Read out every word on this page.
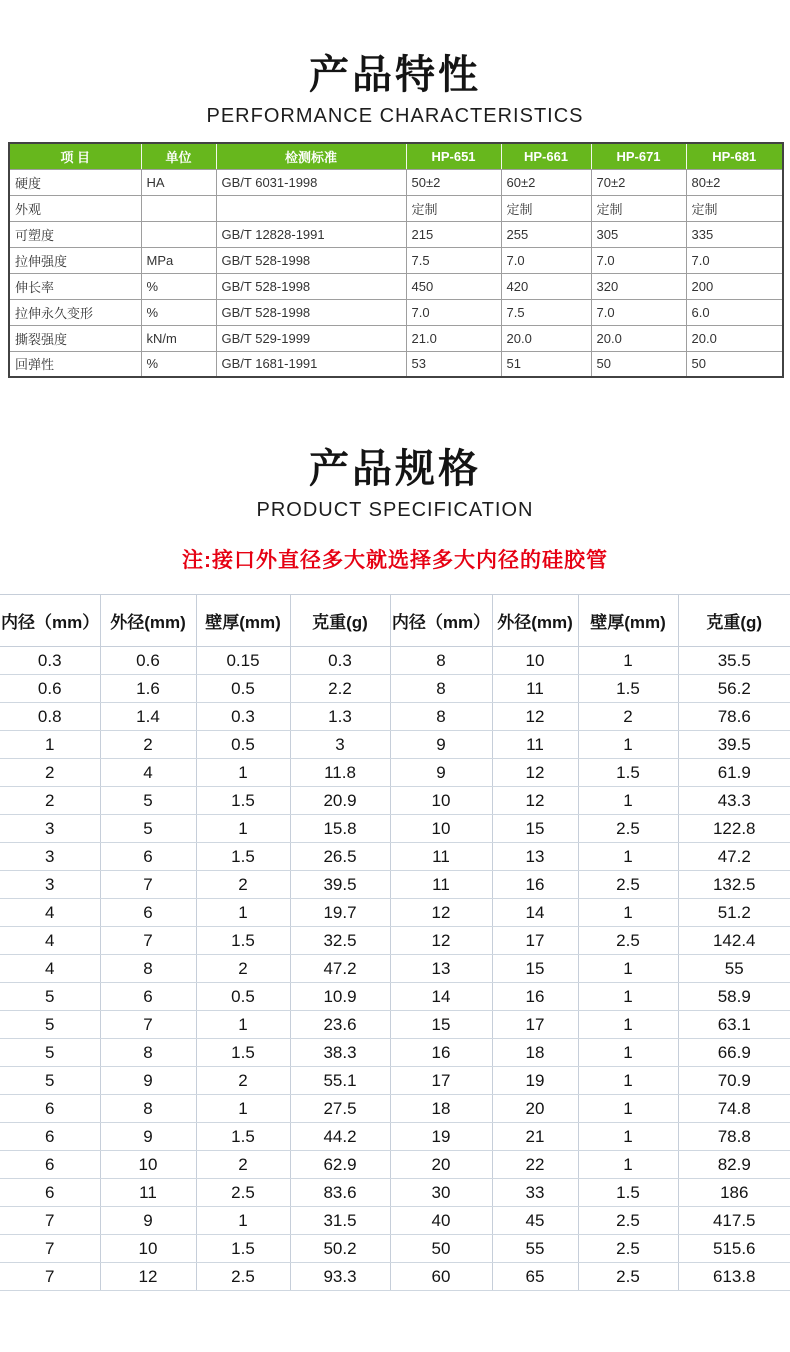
产品特性
PERFORMANCE CHARACTERISTICS
项 目	单位	检测标准	HP-651	HP-661	HP-671	HP-681
硬度	HA	GB/T 6031-1998	50±2	60±2	70±2	80±2
外观			定制	定制	定制	定制
可塑度		GB/T 12828-1991	215	255	305	335
拉伸强度	MPa	GB/T 528-1998	7.5	7.0	7.0	7.0
伸长率	%	GB/T 528-1998	450	420	320	200
拉伸永久变形	%	GB/T 528-1998	7.0	7.5	7.0	6.0
撕裂强度	kN/m	GB/T 529-1999	21.0	20.0	20.0	20.0
回弹性	%	GB/T 1681-1991	53	51	50	50
产品规格
PRODUCT SPECIFICATION

注:接口外直径多大就选择多大内径的硅胶管

内径（mm）	外径(mm)	壁厚(mm)	克重(g)	内径（mm）	外径(mm)	壁厚(mm)	克重(g)
0.3	0.6	0.15	0.3	8	10	1	35.5
0.6	1.6	0.5	2.2	8	11	1.5	56.2
0.8	1.4	0.3	1.3	8	12	2	78.6
1	2	0.5	3	9	11	1	39.5
2	4	1	11.8	9	12	1.5	61.9
2	5	1.5	20.9	10	12	1	43.3
3	5	1	15.8	10	15	2.5	122.8
3	6	1.5	26.5	11	13	1	47.2
3	7	2	39.5	11	16	2.5	132.5
4	6	1	19.7	12	14	1	51.2
4	7	1.5	32.5	12	17	2.5	142.4
4	8	2	47.2	13	15	1	55
5	6	0.5	10.9	14	16	1	58.9
5	7	1	23.6	15	17	1	63.1
5	8	1.5	38.3	16	18	1	66.9
5	9	2	55.1	17	19	1	70.9
6	8	1	27.5	18	20	1	74.8
6	9	1.5	44.2	19	21	1	78.8
6	10	2	62.9	20	22	1	82.9
6	11	2.5	83.6	30	33	1.5	186
7	9	1	31.5	40	45	2.5	417.5
7	10	1.5	50.2	50	55	2.5	515.6
7	12	2.5	93.3	60	65	2.5	613.8
